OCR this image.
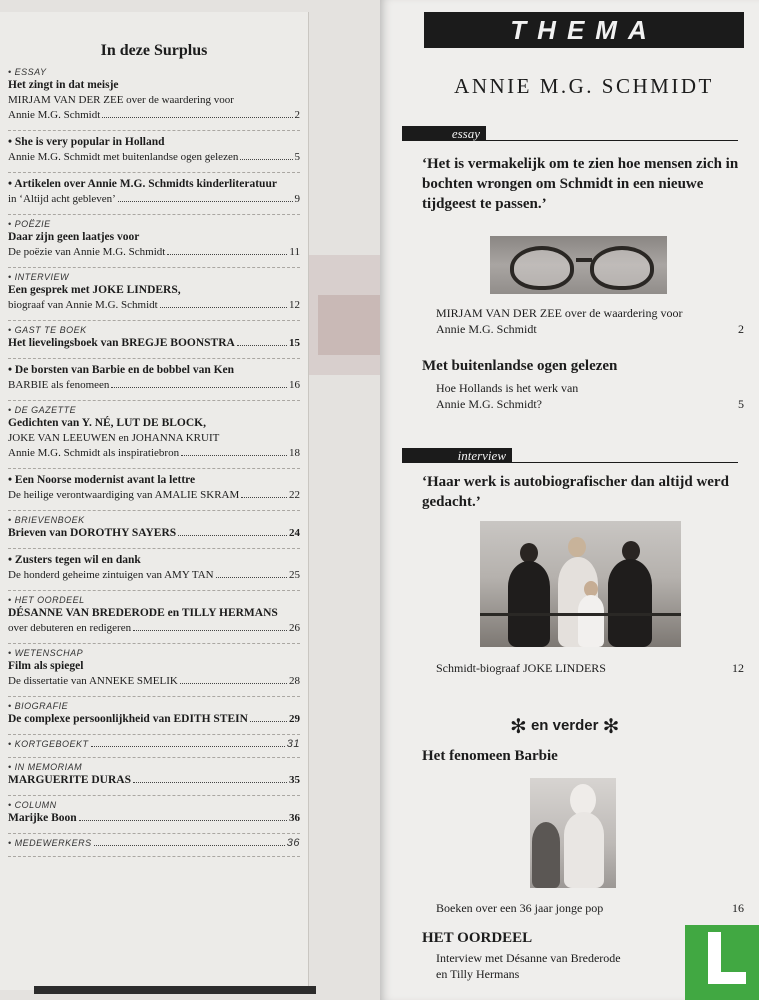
In deze Surplus
• ESSAY
Het zingt in dat meisje
MIRJAM VAN DER ZEE over de waardering voor
Annie M.G. Schmidt	2
• She is very popular in Holland
Annie M.G. Schmidt met buitenlandse ogen gelezen	5
• Artikelen over Annie M.G. Schmidts kinderliteratuur
in ‘Altijd acht gebleven’	9
• POËZIE
Daar zijn geen laatjes voor
De poëzie van Annie M.G. Schmidt	11
• INTERVIEW
Een gesprek met JOKE LINDERS,
biograaf van Annie M.G. Schmidt	12
• GAST TE BOEK
Het lievelingsboek van BREGJE BOONSTRA	15
• De borsten van Barbie en de bobbel van Ken
BARBIE als fenomeen	16
• DE GAZETTE
Gedichten van Y. NÉ, LUT DE BLOCK,
JOKE VAN LEEUWEN en JOHANNA KRUIT
Annie M.G. Schmidt als inspiratiebron	18
• Een Noorse modernist avant la lettre
De heilige verontwaardiging van AMALIE SKRAM	22
• BRIEVENBOEK
Brieven van DOROTHY SAYERS	24
• Zusters tegen wil en dank
De honderd geheime zintuigen van AMY TAN	25
• HET OORDEEL
DÉSANNE VAN BREDERODE en TILLY HERMANS
over debuteren en redigeren	26
• WETENSCHAP
Film als spiegel
De dissertatie van ANNEKE SMELIK	28
• BIOGRAFIE
De complexe persoonlijkheid van EDITH STEIN	29
• KORTGEBOEKT	31
• IN MEMORIAM
MARGUERITE DURAS	35
• COLUMN
Marijke Boon	36
• MEDEWERKERS	36
THEMA
ANNIE M.G. SCHMIDT
essay
‘Het is vermakelijk om te zien hoe mensen zich in bochten wrongen om Schmidt in een nieuwe tijdgeest te passen.’
MIRJAM VAN DER ZEE over de waardering voor
Annie M.G. Schmidt	2
Met buitenlandse ogen gelezen
Hoe Hollands is het werk van
Annie M.G. Schmidt?	5
interview
‘Haar werk is autobiografischer dan altijd werd gedacht.’
Schmidt-biograaf JOKE LINDERS	12
✻ en verder ✻
Het fenomeen Barbie
Boeken over een 36 jaar jonge pop	16
HET OORDEEL
Interview met Désanne van Brederode
en Tilly Hermans
